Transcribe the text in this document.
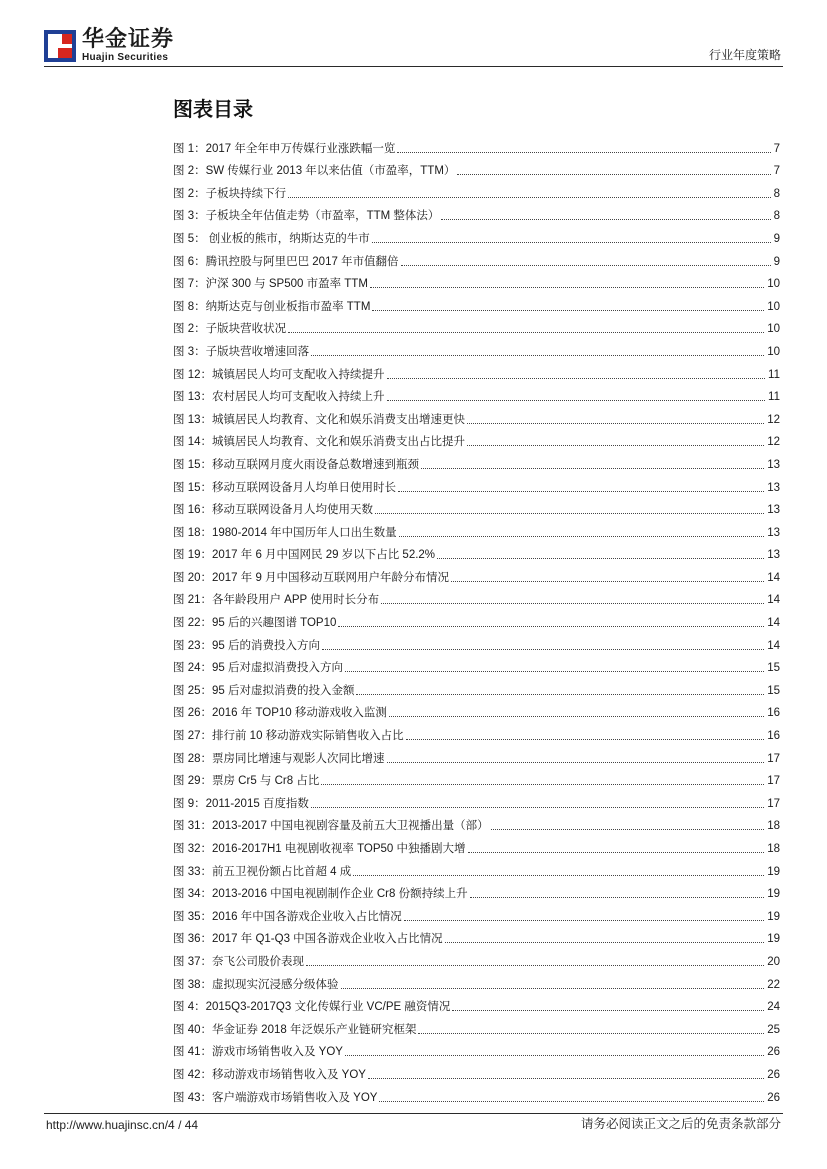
华金证券
Huajin Securities	行业年度策略
图表目录
图 1：2017 年全年申万传媒行业涨跌幅一览	7
图 2：SW 传媒行业 2013 年以来估值（市盈率，TTM）	7
图 2：子板块持续下行	8
图 3：子板块全年估值走势（市盈率，TTM 整体法）	8
图 5： 创业板的熊市，纳斯达克的牛市	9
图 6：腾讯控股与阿里巴巴 2017 年市值翻倍	9
图 7：沪深 300 与 SP500 市盈率 TTM	10
图 8：纳斯达克与创业板指市盈率 TTM	10
图 2：子版块营收状况	10
图 3：子版块营收增速回落	10
图 12：城镇居民人均可支配收入持续提升	11
图 13：农村居民人均可支配收入持续上升	11
图 13：城镇居民人均教育、文化和娱乐消费支出增速更快	12
图 14：城镇居民人均教育、文化和娱乐消费支出占比提升	12
图 15：移动互联网月度火雨设备总数增速到瓶颈	13
图 15：移动互联网设备月人均单日使用时长	13
图 16：移动互联网设备月人均使用天数	13
图 18：1980-2014 年中国历年人口出生数量	13
图 19：2017 年 6 月中国网民 29 岁以下占比 52.2%	13
图 20：2017 年 9 月中国移动互联网用户年龄分布情况	14
图 21：各年龄段用户 APP 使用时长分布	14
图 22：95 后的兴趣图谱 TOP10	14
图 23：95 后的消费投入方向	14
图 24：95 后对虚拟消费投入方向	15
图 25：95 后对虚拟消费的投入金额	15
图 26：2016 年 TOP10 移动游戏收入监测	16
图 27：排行前 10 移动游戏实际销售收入占比	16
图 28：票房同比增速与观影人次同比增速	17
图 29：票房 Cr5 与 Cr8 占比	17
图 9：2011-2015 百度指数	17
图 31：2013-2017 中国电视剧容量及前五大卫视播出量（部）	18
图 32：2016-2017H1 电视剧收视率 TOP50 中独播剧大增	18
图 33：前五卫视份额占比首超 4 成	19
图 34：2013-2016 中国电视剧制作企业 Cr8 份额持续上升	19
图 35：2016 年中国各游戏企业收入占比情况	19
图 36：2017 年 Q1-Q3 中国各游戏企业收入占比情况	19
图 37：奈飞公司股价表现	20
图 38：虚拟现实沉浸感分级体验	22
图 4：2015Q3-2017Q3 文化传媒行业 VC/PE 融资情况	24
图 40：华金证券 2018 年泛娱乐产业链研究框架	25
图 41：游戏市场销售收入及 YOY	26
图 42：移动游戏市场销售收入及 YOY	26
图 43：客户端游戏市场销售收入及 YOY	26
http://www.huajinsc.cn/4 / 44	请务必阅读正文之后的免责条款部分
